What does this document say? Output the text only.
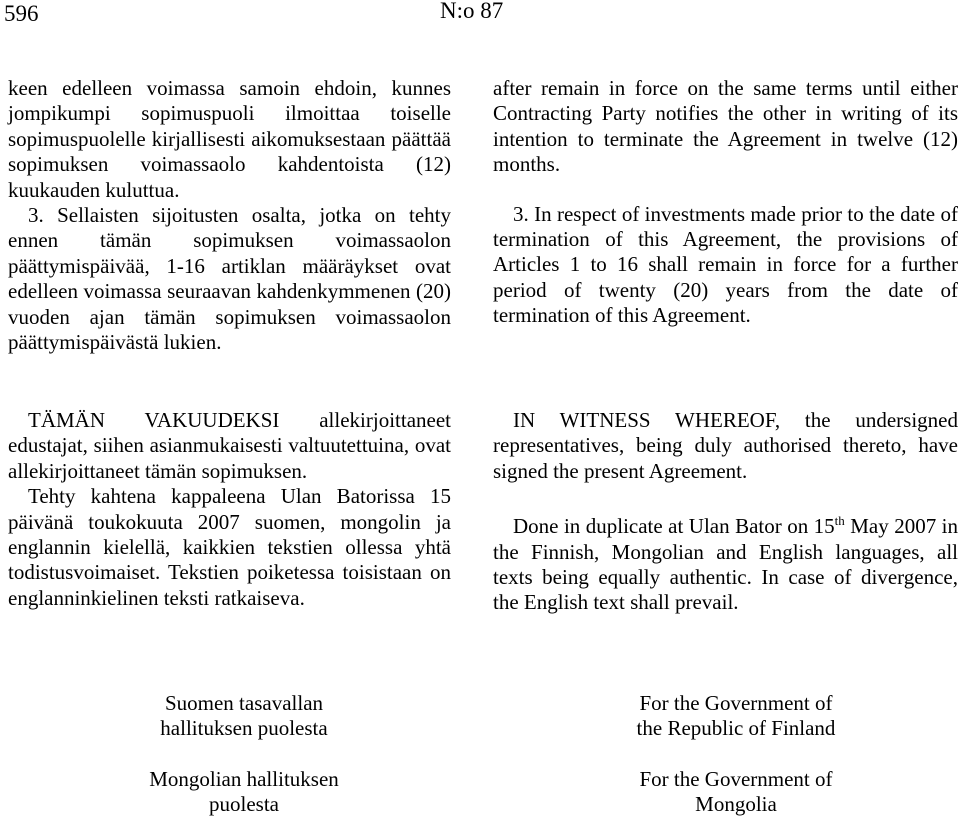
596	N:o 87

keen edelleen voimassa samoin ehdoin, kunnes jompikumpi sopimuspuoli ilmoittaa toiselle sopimuspuolelle kirjallisesti aikomuksestaan päättää sopimuksen voimassaolo kahdentoista (12) kuukauden kuluttua.

3. Sellaisten sijoitusten osalta, jotka on tehty ennen tämän sopimuksen voimassaolon päättymispäivää, 1-16 artiklan määräykset ovat edelleen voimassa seuraavan kahdenkymmenen (20) vuoden ajan tämän sopimuksen voimassaolon päättymispäivästä lukien.

after remain in force on the same terms until either Contracting Party notifies the other in writing of its intention to terminate the Agreement in twelve (12) months.

3. In respect of investments made prior to the date of termination of this Agreement, the provisions of Articles 1 to 16 shall remain in force for a further period of twenty (20) years from the date of termination of this Agreement.

TÄMÄN VAKUUDEKSI allekirjoittaneet edustajat, siihen asianmukaisesti valtuutettuina, ovat allekirjoittaneet tämän sopimuksen.

Tehty kahtena kappaleena Ulan Batorissa 15 päivänä toukokuuta 2007 suomen, mongolin ja englannin kielellä, kaikkien tekstien ollessa yhtä todistusvoimaiset. Tekstien poiketessa toisistaan on englanninkielinen teksti ratkaiseva.

IN WITNESS WHEREOF, the undersigned representatives, being duly authorised thereto, have signed the present Agreement.

Done in duplicate at Ulan Bator on 15th May 2007 in the Finnish, Mongolian and English languages, all texts being equally authentic. In case of divergence, the English text shall prevail.

Suomen tasavallan
hallituksen puolesta
For the Government of
the Republic of Finland
Mongolian hallituksen
puolesta
For the Government of
Mongolia
